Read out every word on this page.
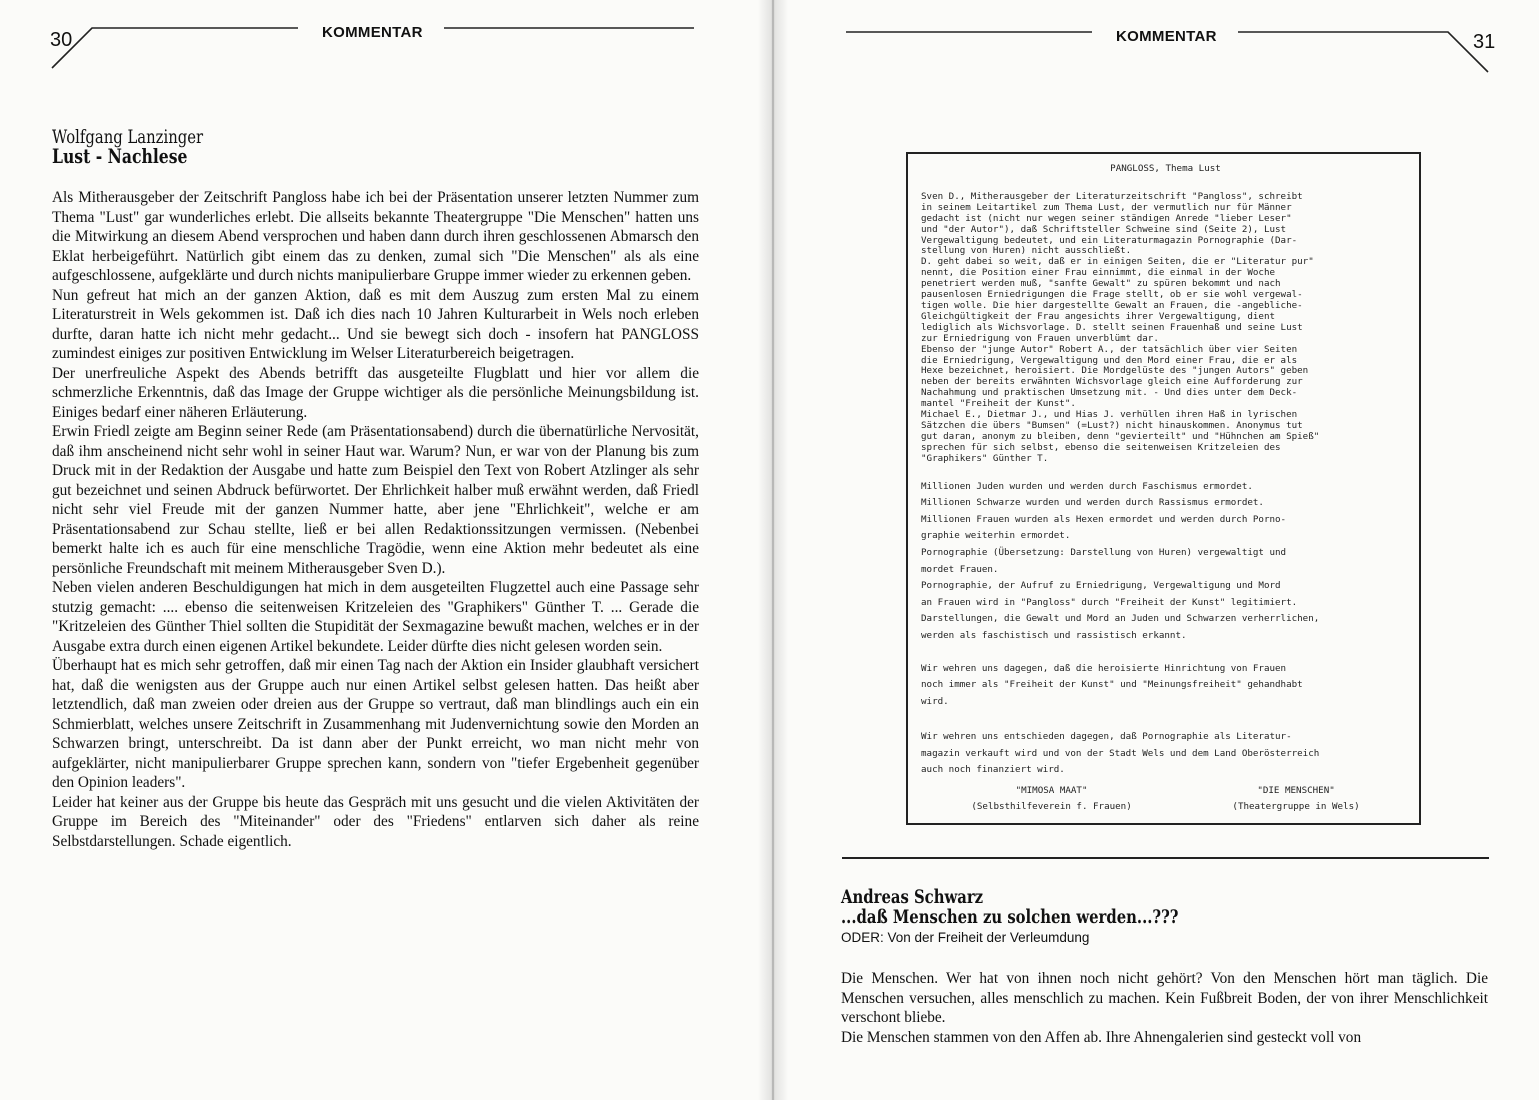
30	KOMMENTAR
Wolfgang Lanzinger
Lust - Nachlese

Als Mitherausgeber der Zeitschrift Pangloss habe ich bei der Präsentation unserer letzten Nummer zum Thema "Lust" gar wunderliches erlebt. Die allseits bekannte Theatergruppe "Die Menschen" hatten uns die Mitwirkung an diesem Abend versprochen und haben dann durch ihren geschlossenen Abmarsch den Eklat herbeigeführt. Natürlich gibt einem das zu denken, zumal sich "Die Menschen" als als eine aufgeschlossene, aufgeklärte und durch nichts manipulierbare Gruppe immer wieder zu erkennen geben.

Nun gefreut hat mich an der ganzen Aktion, daß es mit dem Auszug zum ersten Mal zu einem Literaturstreit in Wels gekommen ist. Daß ich dies nach 10 Jahren Kulturarbeit in Wels noch erleben durfte, daran hatte ich nicht mehr gedacht... Und sie bewegt sich doch - insofern hat PANGLOSS zumindest einiges zur positiven Entwicklung im Welser Literaturbereich beigetragen.

Der unerfreuliche Aspekt des Abends betrifft das ausgeteilte Flugblatt und hier vor allem die schmerzliche Erkenntnis, daß das Image der Gruppe wichtiger als die persönliche Meinungsbildung ist. Einiges bedarf einer näheren Erläuterung.

Erwin Friedl zeigte am Beginn seiner Rede (am Präsentationsabend) durch die übernatürliche Nervosität, daß ihm anscheinend nicht sehr wohl in seiner Haut war. Warum? Nun, er war von der Planung bis zum Druck mit in der Redaktion der Ausgabe und hatte zum Beispiel den Text von Robert Atzlinger als sehr gut bezeichnet und seinen Abdruck befürwortet. Der Ehrlichkeit halber muß erwähnt werden, daß Friedl nicht sehr viel Freude mit der ganzen Nummer hatte, aber jene "Ehrlichkeit", welche er am Präsentationsabend zur Schau stellte, ließ er bei allen Redaktionssitzungen vermissen. (Nebenbei bemerkt halte ich es auch für eine menschliche Tragödie, wenn eine Aktion mehr bedeutet als eine persönliche Freundschaft mit meinem Mitherausgeber Sven D.).

Neben vielen anderen Beschuldigungen hat mich in dem ausgeteilten Flugzettel auch eine Passage sehr stutzig gemacht: .... ebenso die seitenweisen Kritzeleien des "Graphikers" Günther T. ... Gerade die "Kritzeleien des Günther Thiel sollten die Stupidität der Sexmagazine bewußt machen, welches er in der Ausgabe extra durch einen eigenen Artikel bekundete. Leider dürfte dies nicht gelesen worden sein.

Überhaupt hat es mich sehr getroffen, daß mir einen Tag nach der Aktion ein Insider glaubhaft versichert hat, daß die wenigsten aus der Gruppe auch nur einen Artikel selbst gelesen hatten. Das heißt aber letztendlich, daß man zweien oder dreien aus der Gruppe so vertraut, daß man blindlings auch ein ein Schmierblatt, welches unsere Zeitschrift in Zusammenhang mit Judenvernichtung sowie den Morden an Schwarzen bringt, unterschreibt. Da ist dann aber der Punkt erreicht, wo man nicht mehr von aufgeklärter, nicht manipulierbarer Gruppe sprechen kann, sondern von "tiefer Ergebenheit gegenüber den Opinion leaders".

Leider hat keiner aus der Gruppe bis heute das Gespräch mit uns gesucht und die vielen Aktivitäten der Gruppe im Bereich des "Miteinander" oder des "Friedens" entlarven sich daher als reine Selbstdarstellungen. Schade eigentlich.

KOMMENTAR	31
PANGLOSS, Thema Lust
Sven D., Mitherausgeber der Literaturzeitschrift "Pangloss", schreibt
in seinem Leitartikel zum Thema Lust, der vermutlich nur für Männer
gedacht ist (nicht nur wegen seiner ständigen Anrede "lieber Leser"
und "der Autor"), daß Schriftsteller Schweine sind (Seite 2), Lust
Vergewaltigung bedeutet, und ein Literaturmagazin Pornographie (Dar-
stellung von Huren) nicht ausschließt.
D. geht dabei so weit, daß er in einigen Seiten, die er "Literatur pur"
nennt, die Position einer Frau einnimmt, die einmal in der Woche
penetriert werden muß, "sanfte Gewalt" zu spüren bekommt und nach
pausenlosen Erniedrigungen die Frage stellt, ob er sie wohl vergewal-
tigen wolle. Die hier dargestellte Gewalt an Frauen, die -angebliche-
Gleichgültigkeit der Frau angesichts ihrer Vergewaltigung, dient
lediglich als Wichsvorlage. D. stellt seinen Frauenhaß und seine Lust
zur Erniedrigung von Frauen unverblümt dar.
Ebenso der "junge Autor" Robert A., der tatsächlich über vier Seiten
die Erniedrigung, Vergewaltigung und den Mord einer Frau, die er als
Hexe bezeichnet, heroisiert. Die Mordgelüste des "jungen Autors" geben
neben der bereits erwähnten Wichsvorlage gleich eine Aufforderung zur
Nachahmung und praktischen Umsetzung mit. - Und dies unter dem Deck-
mantel "Freiheit der Kunst".
Michael E., Dietmar J., und Hias J. verhüllen ihren Haß in lyrischen
Sätzchen die übers "Bumsen" (=Lust?) nicht hinauskommen. Anonymus tut
gut daran, anonym zu bleiben, denn "gevierteilt" und "Hühnchen am Spieß"
sprechen für sich selbst, ebenso die seitenweisen Kritzeleien des
"Graphikers" Günther T.
Millionen Juden wurden und werden durch Faschismus ermordet.
Millionen Schwarze wurden und werden durch Rassismus ermordet.
Millionen Frauen wurden als Hexen ermordet und werden durch Porno-
graphie weiterhin ermordet.
Pornographie (Übersetzung: Darstellung von Huren) vergewaltigt und
mordet Frauen.
Pornographie, der Aufruf zu Erniedrigung, Vergewaltigung und Mord
an Frauen wird in "Pangloss" durch "Freiheit der Kunst" legitimiert.
Darstellungen, die Gewalt und Mord an Juden und Schwarzen verherrlichen,
werden als faschistisch und rassistisch erkannt.
Wir wehren uns dagegen, daß die heroisierte Hinrichtung von Frauen
noch immer als "Freiheit der Kunst" und "Meinungsfreiheit" gehandhabt
wird.
Wir wehren uns entschieden dagegen, daß Pornographie als Literatur-
magazin verkauft wird und von der Stadt Wels und dem Land Oberösterreich
auch noch finanziert wird.
"MIMOSA MAAT"
(Selbsthilfeverein f. Frauen)
"DIE MENSCHEN"
(Theatergruppe in Wels)
Andreas Schwarz
...daß Menschen zu solchen werden...???
ODER: Von der Freiheit der Verleumdung

Die Menschen. Wer hat von ihnen noch nicht gehört? Von den Menschen hört man täglich. Die Menschen versuchen, alles menschlich zu machen. Kein Fußbreit Boden, der von ihrer Menschlichkeit verschont bliebe.

Die Menschen stammen von den Affen ab. Ihre Ahnengalerien sind gesteckt voll von
